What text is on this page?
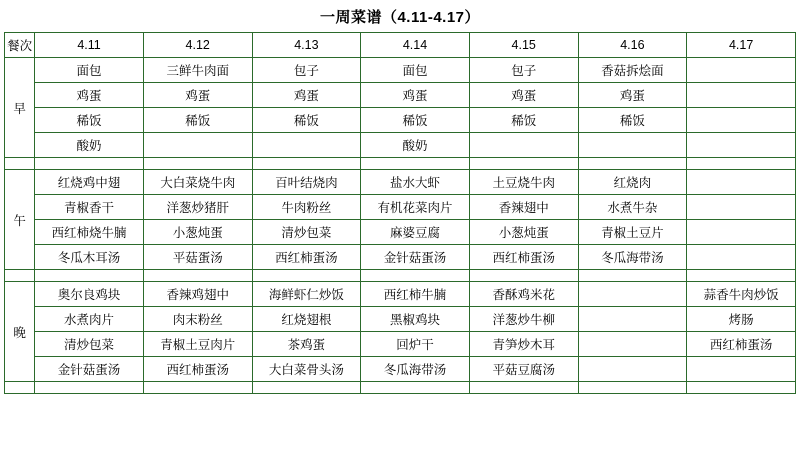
一周菜谱（4.11-4.17）
餐次	4.11	4.12	4.13	4.14	4.15	4.16	4.17
早	面包	三鲜牛肉面	包子	面包	包子	香菇拆烩面	
	鸡蛋	鸡蛋	鸡蛋	鸡蛋	鸡蛋	鸡蛋	
	稀饭	稀饭	稀饭	稀饭	稀饭	稀饭	
	酸奶			酸奶			

午	红烧鸡中翅	大白菜烧牛肉	百叶结烧肉	盐水大虾	土豆烧牛肉	红烧肉	
	青椒香干	洋葱炒猪肝	牛肉粉丝	有机花菜肉片	香辣翅中	水煮牛杂	
	西红柿烧牛腩	小葱炖蛋	清炒包菜	麻婆豆腐	小葱炖蛋	青椒土豆片	
	冬瓜木耳汤	平菇蛋汤	西红柿蛋汤	金针菇蛋汤	西红柿蛋汤	冬瓜海带汤	

晚	奥尔良鸡块	香辣鸡翅中	海鲜虾仁炒饭	西红柿牛腩	香酥鸡米花		蒜香牛肉炒饭
	水煮肉片	肉末粉丝	红烧翅根	黑椒鸡块	洋葱炒牛柳		烤肠
	清炒包菜	青椒土豆肉片	茶鸡蛋	回炉干	青笋炒木耳		西红柿蛋汤
	金针菇蛋汤	西红柿蛋汤	大白菜骨头汤	冬瓜海带汤	平菇豆腐汤		
